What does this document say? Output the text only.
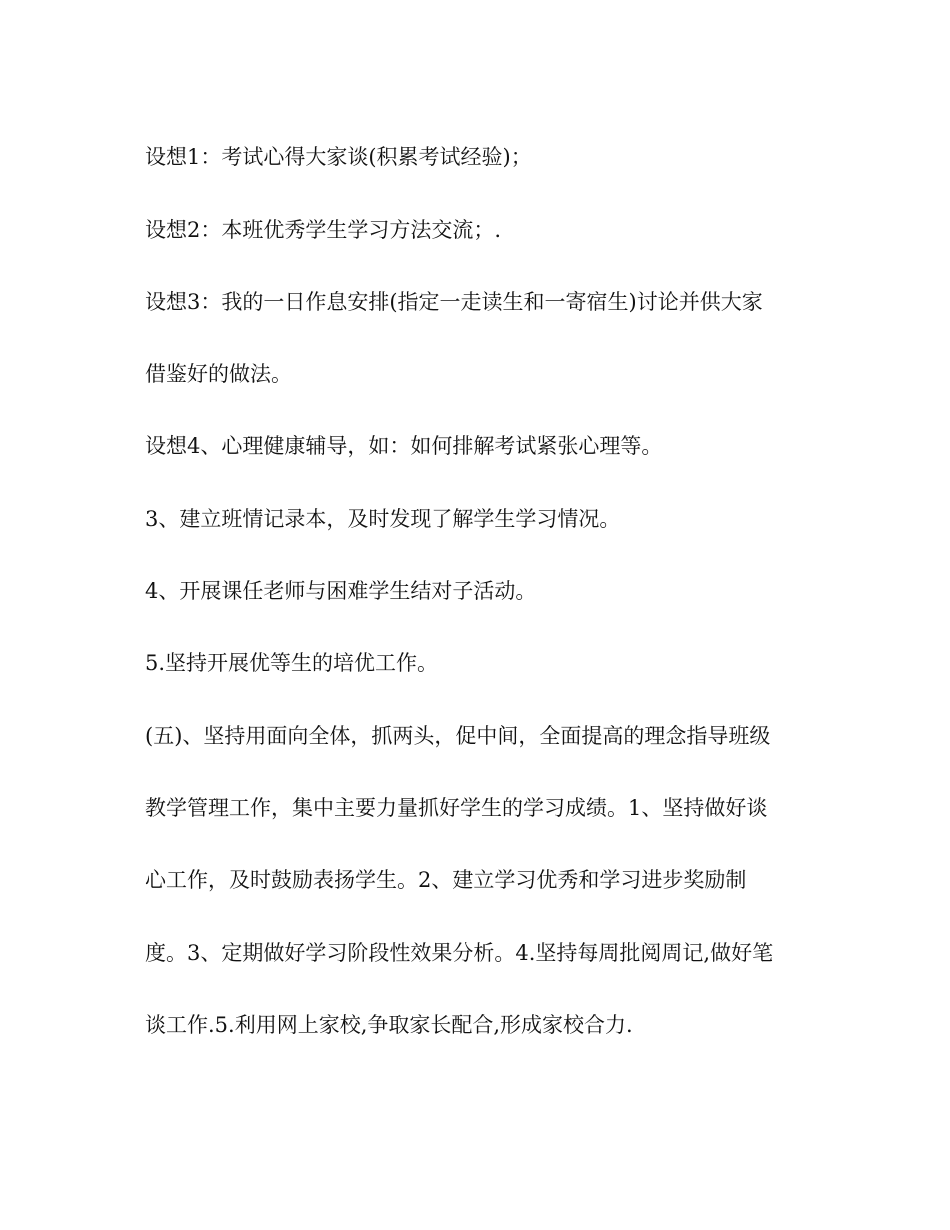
设想1：考试心得大家谈(积累考试经验)；
设想2：本班优秀学生学习方法交流；.
设想3：我的一日作息安排(指定一走读生和一寄宿生)讨论并供大家
借鉴好的做法。
设想4、心理健康辅导，如：如何排解考试紧张心理等。
3、建立班情记录本，及时发现了解学生学习情况。
4、开展课任老师与困难学生结对子活动。
5.坚持开展优等生的培优工作。
(五)、坚持用面向全体，抓两头，促中间，全面提高的理念指导班级
教学管理工作，集中主要力量抓好学生的学习成绩。1、坚持做好谈
心工作，及时鼓励表扬学生。2、建立学习优秀和学习进步奖励制
度。3、定期做好学习阶段性效果分析。4.坚持每周批阅周记,做好笔
谈工作.5.利用网上家校,争取家长配合,形成家校合力.
